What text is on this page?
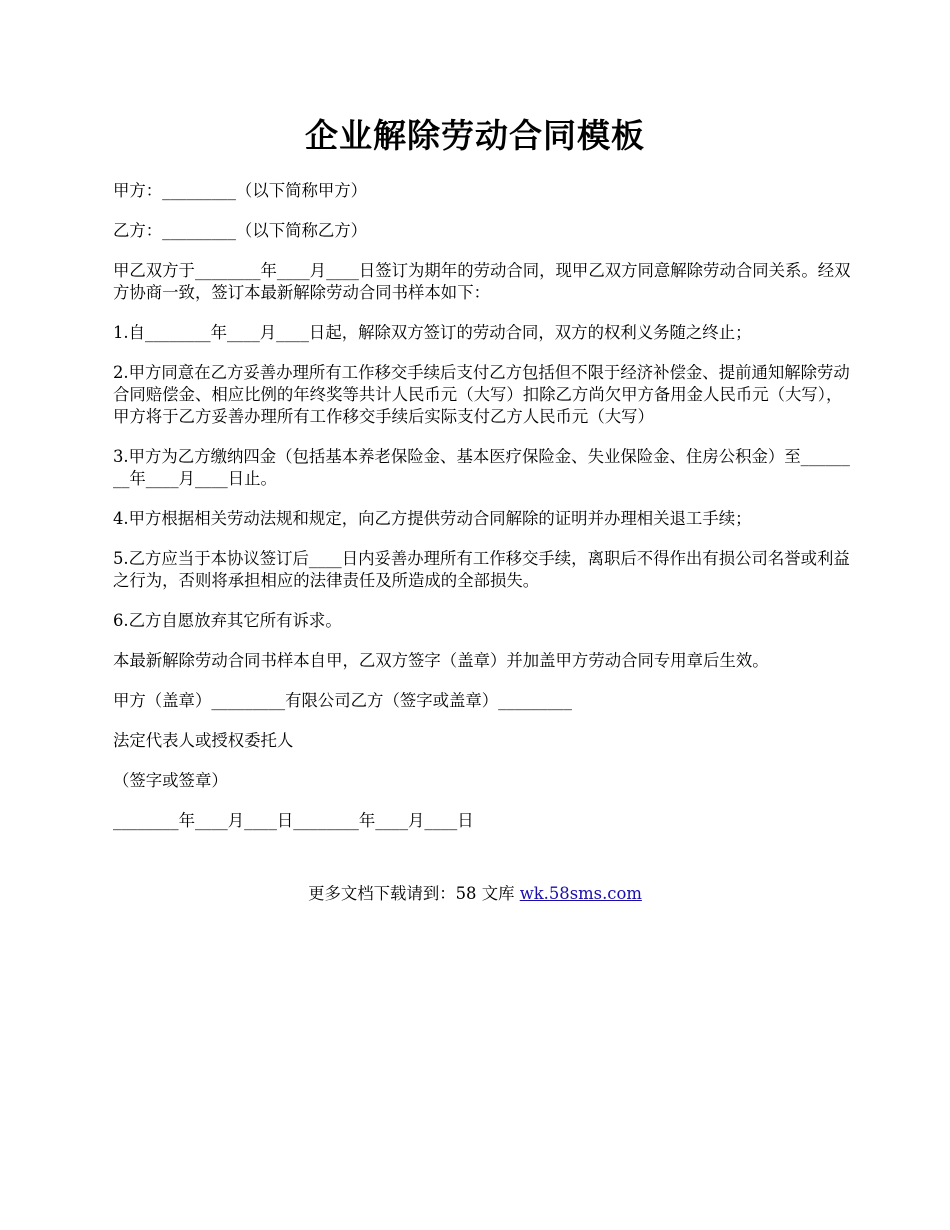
企业解除劳动合同模板

甲方：_________（以下简称甲方）

乙方：_________（以下简称乙方）

甲乙双方于________年____月____日签订为期年的劳动合同，现甲乙双方同意解除劳动合同关系。经双方协商一致，签订本最新解除劳动合同书样本如下：

1.自________年____月____日起，解除双方签订的劳动合同，双方的权利义务随之终止；

2.甲方同意在乙方妥善办理所有工作移交手续后支付乙方包括但不限于经济补偿金、提前通知解除劳动合同赔偿金、相应比例的年终奖等共计人民币元（大写）扣除乙方尚欠甲方备用金人民币元（大写），甲方将于乙方妥善办理所有工作移交手续后实际支付乙方人民币元（大写）

3.甲方为乙方缴纳四金（包括基本养老保险金、基本医疗保险金、失业保险金、住房公积金）至________年____月____日止。

4.甲方根据相关劳动法规和规定，向乙方提供劳动合同解除的证明并办理相关退工手续；

5.乙方应当于本协议签订后____日内妥善办理所有工作移交手续，离职后不得作出有损公司名誉或利益之行为，否则将承担相应的法律责任及所造成的全部损失。

6.乙方自愿放弃其它所有诉求。

本最新解除劳动合同书样本自甲，乙双方签字（盖章）并加盖甲方劳动合同专用章后生效。

甲方（盖章）_________有限公司乙方（签字或盖章）_________

法定代表人或授权委托人

（签字或签章）

________年____月____日________年____月____日

更多文档下载请到：58 文库 wk.58sms.com
